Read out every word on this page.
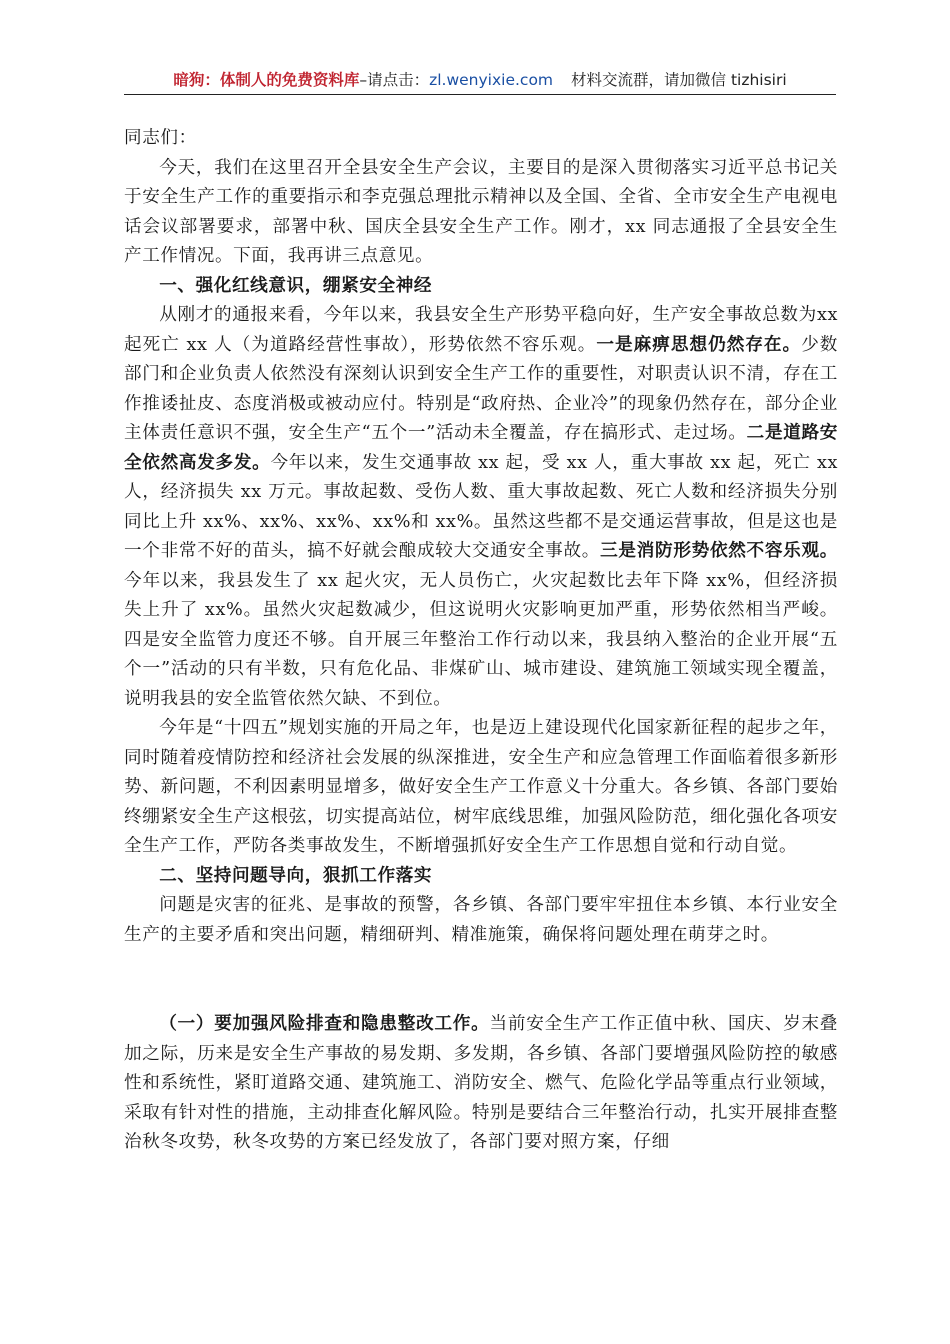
暗狗：体制人的免费资料库–请点击：zl.wenyixie.com 材料交流群，请加微信 tizhisiri

同志们：

今天，我们在这里召开全县安全生产会议，主要目的是深入贯彻落实习近平总书记关于安全生产工作的重要指示和李克强总理批示精神以及全国、全省、全市安全生产电视电话会议部署要求，部署中秋、国庆全县安全生产工作。刚才，xx 同志通报了全县安全生产工作情况。下面，我再讲三点意见。

一、强化红线意识，绷紧安全神经

从刚才的通报来看，今年以来，我县安全生产形势平稳向好，生产安全事故总数为xx 起死亡 xx 人（为道路经营性事故），形势依然不容乐观。一是麻痹思想仍然存在。少数部门和企业负责人依然没有深刻认识到安全生产工作的重要性，对职责认识不清，存在工作推诿扯皮、态度消极或被动应付。特别是“政府热、企业冷”的现象仍然存在，部分企业主体责任意识不强，安全生产“五个一”活动未全覆盖，存在搞形式、走过场。二是道路安全依然高发多发。今年以来，发生交通事故 xx 起，受 xx 人，重大事故 xx 起，死亡 xx 人，经济损失 xx 万元。事故起数、受伤人数、重大事故起数、死亡人数和经济损失分别同比上升 xx%、xx%、xx%、xx%和 xx%。虽然这些都不是交通运营事故，但是这也是一个非常不好的苗头，搞不好就会酿成较大交通安全事故。三是消防形势依然不容乐观。今年以来，我县发生了 xx 起火灾，无人员伤亡，火灾起数比去年下降 xx%，但经济损失上升了 xx%。虽然火灾起数减少，但这说明火灾影响更加严重，形势依然相当严峻。四是安全监管力度还不够。自开展三年整治工作行动以来，我县纳入整治的企业开展“五个一”活动的只有半数，只有危化品、非煤矿山、城市建设、建筑施工领域实现全覆盖，说明我县的安全监管依然欠缺、不到位。

今年是“十四五”规划实施的开局之年，也是迈上建设现代化国家新征程的起步之年，同时随着疫情防控和经济社会发展的纵深推进，安全生产和应急管理工作面临着很多新形势、新问题，不利因素明显增多，做好安全生产工作意义十分重大。各乡镇、各部门要始终绷紧安全生产这根弦，切实提高站位，树牢底线思维，加强风险防范，细化强化各项安全生产工作，严防各类事故发生，不断增强抓好安全生产工作思想自觉和行动自觉。

二、坚持问题导向，狠抓工作落实

问题是灾害的征兆、是事故的预警，各乡镇、各部门要牢牢扭住本乡镇、本行业安全生产的主要矛盾和突出问题，精细研判、精准施策，确保将问题处理在萌芽之时。

（一）要加强风险排查和隐患整改工作。当前安全生产工作正值中秋、国庆、岁末叠加之际，历来是安全生产事故的易发期、多发期，各乡镇、各部门要增强风险防控的敏感性和系统性，紧盯道路交通、建筑施工、消防安全、燃气、危险化学品等重点行业领域，采取有针对性的措施，主动排查化解风险。特别是要结合三年整治行动，扎实开展排查整治秋冬攻势，秋冬攻势的方案已经发放了，各部门要对照方案，仔细
